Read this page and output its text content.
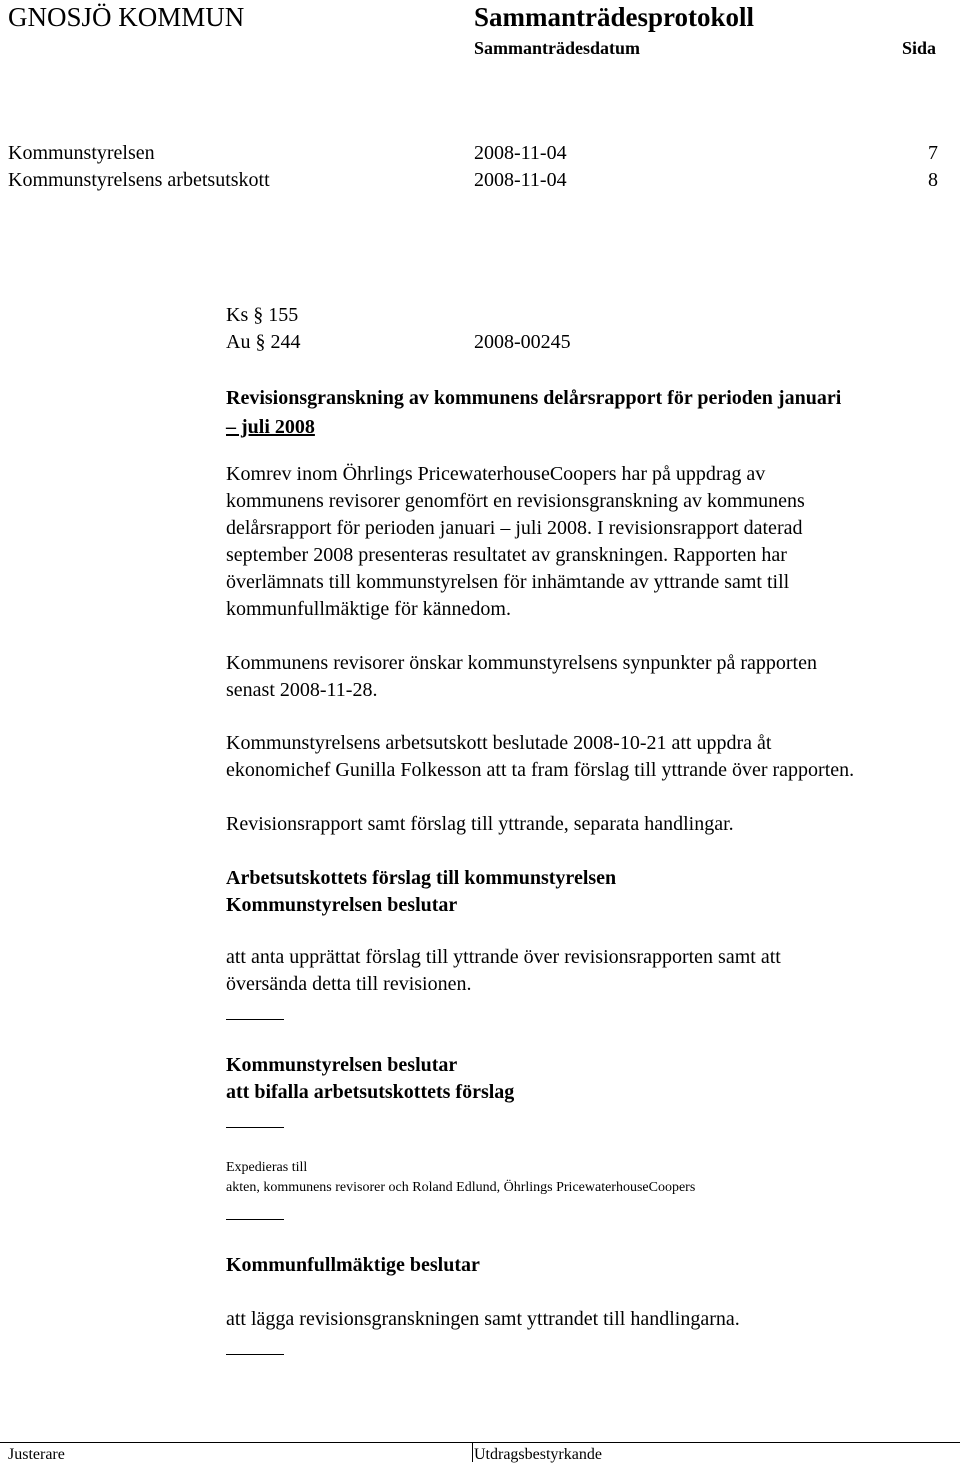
GNOSJÖ KOMMUN	Sammanträdesprotokoll
Sammanträdesdatum	Sida
Kommunstyrelsen	2008-11-04	7
Kommunstyrelsens arbetsutskott	2008-11-04	8
Ks § 155
Au § 244	2008-00245
Revisionsgranskning av kommunens delårsrapport för perioden januari
– juli 2008
Komrev inom Öhrlings PricewaterhouseCoopers har på uppdrag av
kommunens revisorer genomfört en revisionsgranskning av kommunens
delårsrapport för perioden januari – juli 2008. I revisionsrapport daterad
september 2008 presenteras resultatet av granskningen. Rapporten har
överlämnats till kommunstyrelsen för inhämtande av yttrande samt till
kommunfullmäktige för kännedom.
Kommunens revisorer önskar kommunstyrelsens synpunkter på rapporten
senast 2008-11-28.
Kommunstyrelsens arbetsutskott beslutade 2008-10-21 att uppdra åt
ekonomichef Gunilla Folkesson att ta fram förslag till yttrande över rapporten.
Revisionsrapport samt förslag till yttrande, separata handlingar.
Arbetsutskottets förslag till kommunstyrelsen
Kommunstyrelsen beslutar
att anta upprättat förslag till yttrande över revisionsrapporten samt att
översända detta till revisionen.
Kommunstyrelsen beslutar
att bifalla arbetsutskottets förslag
Expedieras till
akten, kommunens revisorer och Roland Edlund, Öhrlings PricewaterhouseCoopers
Kommunfullmäktige beslutar
att lägga revisionsgranskningen samt yttrandet till handlingarna.
Justerare	Utdragsbestyrkande
